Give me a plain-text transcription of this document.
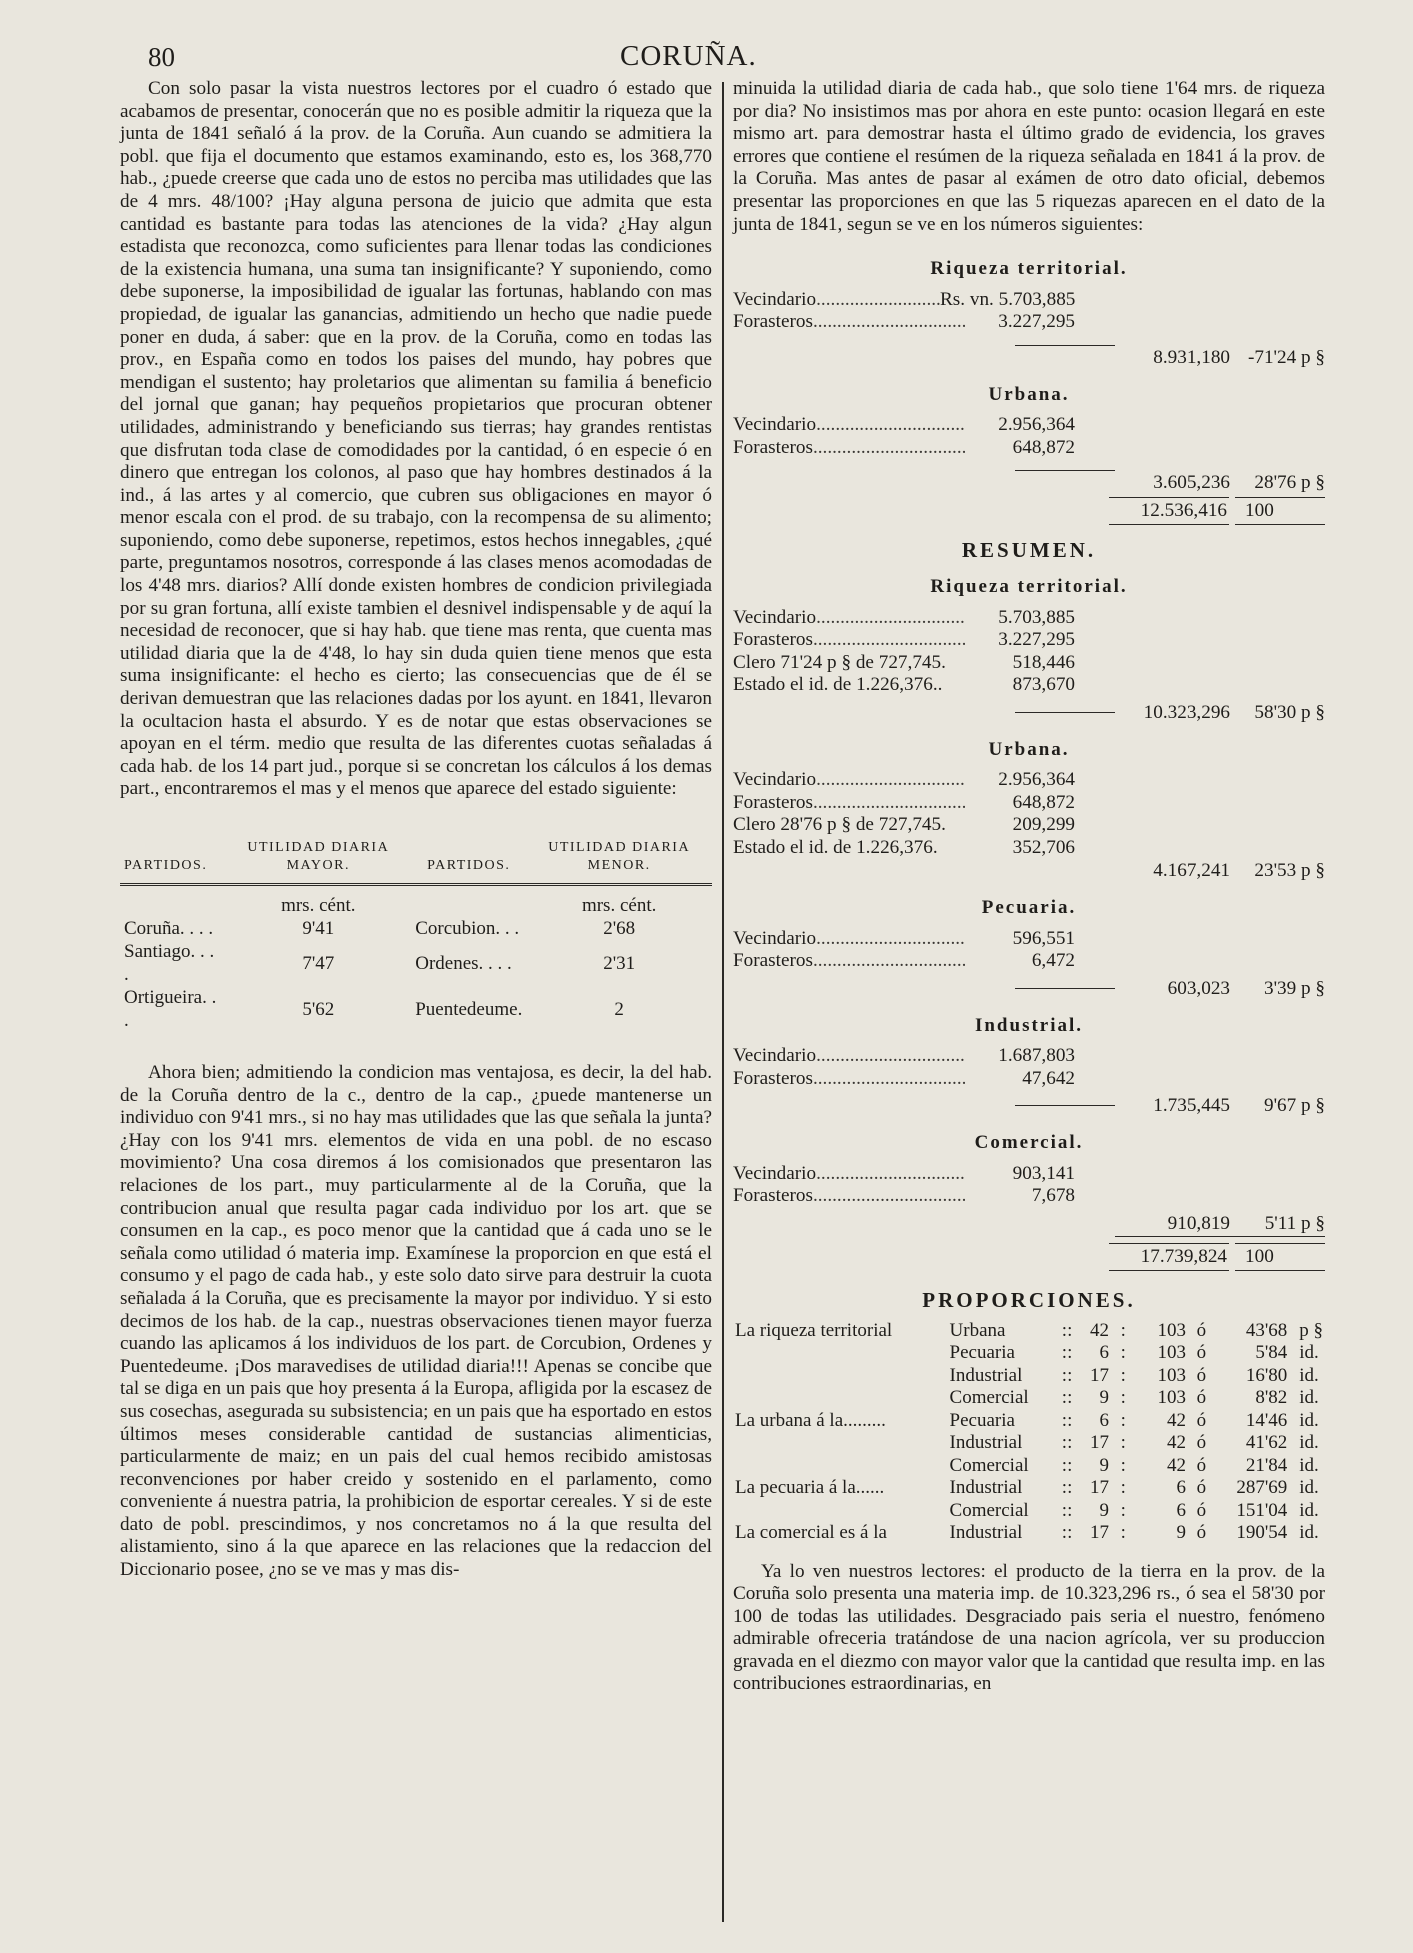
80	CORUÑA.

Con solo pasar la vista nuestros lectores por el cuadro ó estado que acabamos de presentar, conocerán que no es posible admitir la riqueza que la junta de 1841 señaló á la prov. de la Coruña. Aun cuando se admitiera la pobl. que fija el documento que estamos examinando, esto es, los 368,770 hab., ¿puede creerse que cada uno de estos no perciba mas utilidades que las de 4 mrs. 48/100? ¡Hay alguna persona de juicio que admita que esta cantidad es bastante para todas las atenciones de la vida? ¿Hay algun estadista que reconozca, como suficientes para llenar todas las condiciones de la existencia humana, una suma tan insignificante? Y suponiendo, como debe suponerse, la imposibilidad de igualar las fortunas, hablando con mas propiedad, de igualar las ganancias, admitiendo un hecho que nadie puede poner en duda, á saber: que en la prov. de la Coruña, como en todas las prov., en España como en todos los paises del mundo, hay pobres que mendigan el sustento; hay proletarios que alimentan su familia á beneficio del jornal que ganan; hay pequeños propietarios que procuran obtener utilidades, administrando y beneficiando sus tierras; hay grandes rentistas que disfrutan toda clase de comodidades por la cantidad, ó en especie ó en dinero que entregan los colonos, al paso que hay hombres destinados á la ind., á las artes y al comercio, que cubren sus obligaciones en mayor ó menor escala con el prod. de su trabajo, con la recompensa de su alimento; suponiendo, como debe suponerse, repetimos, estos hechos innegables, ¿qué parte, preguntamos nosotros, corresponde á las clases menos acomodadas de los 4'48 mrs. diarios? Allí donde existen hombres de condicion privilegiada por su gran fortuna, allí existe tambien el desnivel indispensable y de aquí la necesidad de reconocer, que si hay hab. que tiene mas renta, que cuenta mas utilidad diaria que la de 4'48, lo hay sin duda quien tiene menos que esta suma insignificante: el hecho es cierto; las consecuencias que de él se derivan demuestran que las relaciones dadas por los ayunt. en 1841, llevaron la ocultacion hasta el absurdo. Y es de notar que estas observaciones se apoyan en el térm. medio que resulta de las diferentes cuotas señaladas á cada hab. de los 14 part jud., porque si se concretan los cálculos á los demas part., encontraremos el mas y el menos que aparece del estado siguiente:

PARTIDOS.	UTILIDAD DIARIA MAYOR.	PARTIDOS.	UTILIDAD DIARIA MENOR.
	mrs. cént.		mrs. cént.
Coruña. . . .	9'41	Corcubion. . .	2'68
Santiago. . . .	7'47	Ordenes. . . .	2'31
Ortigueira. . .	5'62	Puentedeume.	2

Ahora bien; admitiendo la condicion mas ventajosa, es decir, la del hab. de la Coruña dentro de la c., dentro de la cap., ¿puede mantenerse un individuo con 9'41 mrs., si no hay mas utilidades que las que señala la junta? ¿Hay con los 9'41 mrs. elementos de vida en una pobl. de no escaso movimiento? Una cosa diremos á los comisionados que presentaron las relaciones de los part., muy particularmente al de la Coruña, que la contribucion anual que resulta pagar cada individuo por los art. que se consumen en la cap., es poco menor que la cantidad que á cada uno se le señala como utilidad ó materia imp. Examínese la proporcion en que está el consumo y el pago de cada hab., y este solo dato sirve para destruir la cuota señalada á la Coruña, que es precisamente la mayor por individuo. Y si esto decimos de los hab. de la cap., nuestras observaciones tienen mayor fuerza cuando las aplicamos á los individuos de los part. de Corcubion, Ordenes y Puentedeume. ¡Dos maravedises de utilidad diaria!!! Apenas se concibe que tal se diga en un pais que hoy presenta á la Europa, afligida por la escasez de sus cosechas, asegurada su subsistencia; en un pais que ha esportado en estos últimos meses considerable cantidad de sustancias alimenticias, particularmente de maiz; en un pais del cual hemos recibido amistosas reconvenciones por haber creido y sostenido en el parlamento, como conveniente á nuestra patria, la prohibicion de esportar cereales. Y si de este dato de pobl. prescindimos, y nos concretamos no á la que resulta del alistamiento, sino á la que aparece en las relaciones que la redaccion del Diccionario posee, ¿no se ve mas y mas dis-

minuida la utilidad diaria de cada hab., que solo tiene 1'64 mrs. de riqueza por dia? No insistimos mas por ahora en este punto: ocasion llegará en este mismo art. para demostrar hasta el último grado de evidencia, los graves errores que contiene el resúmen de la riqueza señalada en 1841 á la prov. de la Coruña. Mas antes de pasar al exámen de otro dato oficial, debemos presentar las proporciones en que las 5 riquezas aparecen en el dato de la junta de 1841, segun se ve en los números siguientes:

Riqueza territorial.
Vecindario .....	Rs. vn. 5.703,885
Forasteros .....	3.227,295
8.931,180 -71'24 p §
Urbana.
Vecindario .....	2.956,364
Forasteros .....	648,872
3.605,236	28'76 p §
12.536,416 100
RESUMEN.
Riqueza territorial.
Vecindario .....	5.703,885
Forasteros .....	3.227,295
Clero 71'24 p § de 727,745.	518,446
Estado el id. de 1.226,376..	873,670
10.323,296	58'30 p §
Urbana.
Vecindario .....	2.956,364
Forasteros .....	648,872
Clero 28'76 p § de 727,745.	209,299
Estado el id. de 1.226,376.	352,706
4.167,241	23'53 p §
Pecuaria.
Vecindario .....	596,551
Forasteros .....	6,472
603,023	3'39 p §
Industrial.
Vecindario .....	1.687,803
Forasteros .....	47,642
1.735,445	9'67 p §
Comercial.
Vecindario .....	903,141
Forasteros .....	7,678
910,819	5'11 p §
17.739,824 100
PROPORCIONES.
La riqueza territorial	Urbana	::	42	:	103	ó	43'68	p §
	Pecuaria	::	6	:	103	ó	5'84	id.
	Industrial	::	17	:	103	ó	16'80	id.
	Comercial	::	9	:	103	ó	8'82	id.
La urbana á la.........	Pecuaria	::	6	:	42	ó	14'46	id.
	Industrial	::	17	:	42	ó	41'62	id.
	Comercial	::	9	:	42	ó	21'84	id.
La pecuaria á la......	Industrial	::	17	:	6	ó	287'69	id.
	Comercial	::	9	:	6	ó	151'04	id.
La comercial es á la	Industrial	::	17	:	9	ó	190'54	id.

Ya lo ven nuestros lectores: el producto de la tierra en la prov. de la Coruña solo presenta una materia imp. de 10.323,296 rs., ó sea el 58'30 por 100 de todas las utilidades. Desgraciado pais seria el nuestro, fenómeno admirable ofreceria tratándose de una nacion agrícola, ver su produccion gravada en el diezmo con mayor valor que la cantidad que resulta imp. en las contribuciones estraordinarias, en
